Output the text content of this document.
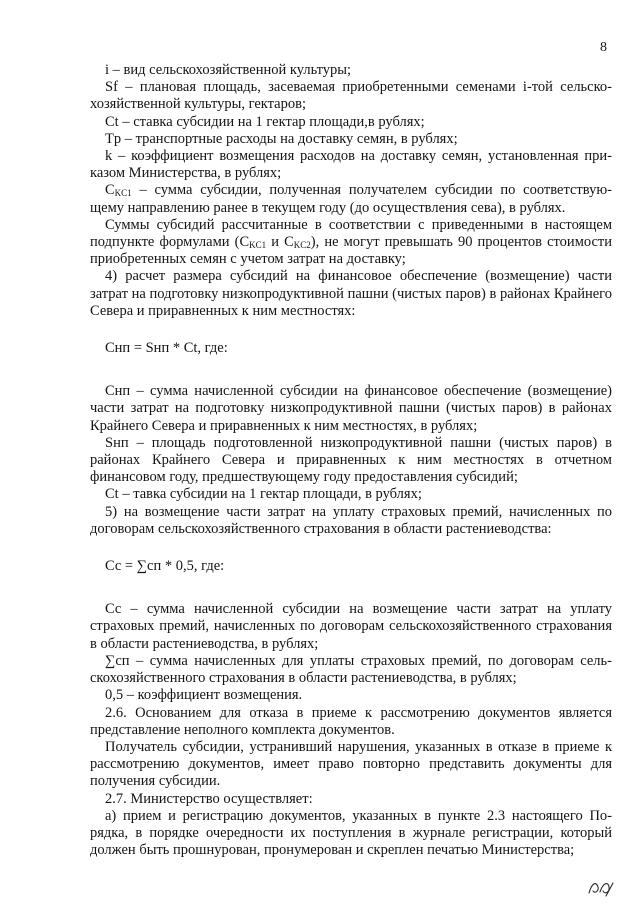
8

i – вид сельскохозяйственной культуры;

Sf – плановая площадь, засеваемая приобретенными семенами i-той сельско-хозяйственной культуры, гектаров;

Ct – ставка субсидии на 1 гектар площади,в рублях;

Tp – транспортные расходы на доставку семян, в рублях;

k – коэффициент возмещения расходов на доставку семян, установленная при-казом Министерства, в рублях;

$C_{KC1}$ – сумма субсидии, полученная получателем субсидии по соответствую-щему направлению ранее в текущем году (до осуществления сева), в рублях.

Суммы субсидий рассчитанные в соответствии с приведенными в настоящем подпункте формулами ($С_{KC1}$ и $С_{KC2}$), не могут превышать 90 процентов стоимости приобретенных семян с учетом затрат на доставку;

4) расчет размера субсидий на финансовое обеспечение (возмещение) части затрат на подготовку низкопродуктивной пашни (чистых паров) в районах Крайнего Севера и приравненных к ним местностях:

Снп = Sнп * Ct, где:

Снп – сумма начисленной субсидии на финансовое обеспечение (возмещение) части затрат на подготовку низкопродуктивной пашни (чистых паров) в районах Крайнего Севера и приравненных к ним местностях, в рублях;

Sнп – площадь подготовленной низкопродуктивной пашни (чистых паров) в районах Крайнего Севера и приравненных к ним местностях в отчетном финансовом году, предшествующему году предоставления субсидий;

Ct – тавка субсидии на 1 гектар площади, в рублях;

5) на возмещение части затрат на уплату страховых премий, начисленных по договорам сельскохозяйственного страхования в области растениеводства:

Сс = ∑сп * 0,5, где:

Сс – сумма начисленной субсидии на возмещение части затрат на уплату страховых премий, начисленных по договорам сельскохозяйственного страхования в области растениеводства, в рублях;

∑сп – сумма начисленных для уплаты страховых премий, по договорам сель-скохозяйственного страхования в области растениеводства, в рублях;

0,5 – коэффициент возмещения.

2.6. Основанием для отказа в приеме к рассмотрению документов является представление неполного комплекта документов.

Получатель субсидии, устранивший нарушения, указанных в отказе в приеме к рассмотрению документов, имеет право повторно представить документы для получения субсидии.

2.7. Министерство осуществляет:

а) прием и регистрацию документов, указанных в пункте 2.3 настоящего По-рядка, в порядке очередности их поступления в журнале регистрации, который должен быть прошнурован, пронумерован и скреплен печатью Министерства;
